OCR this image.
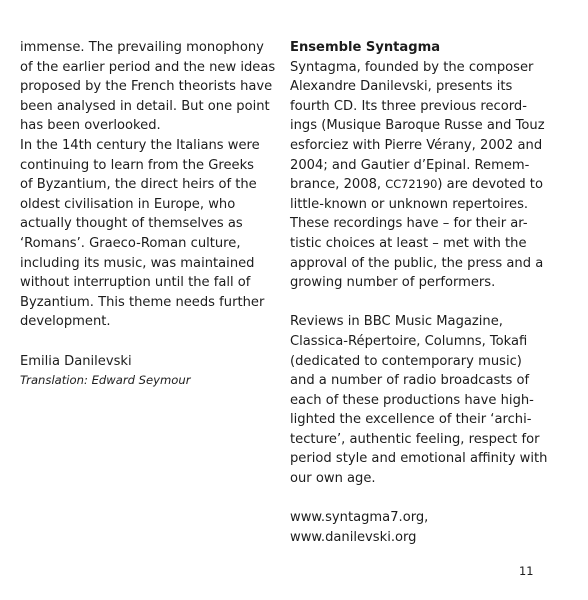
immense. The prevailing monophony
of the earlier period and the new ideas
proposed by the French theorists have
been analysed in detail. But one point
has been overlooked.
In the 14th century the Italians were
continuing to learn from the Greeks
of Byzantium, the direct heirs of the
oldest civilisation in Europe, who
actually thought of themselves as
‘Romans’. Graeco-Roman culture,
including its music, was maintained
without interruption until the fall of
Byzantium. This theme needs further
development.
Emilia Danilevski
Translation: Edward Seymour
Ensemble Syntagma
Syntagma, founded by the composer
Alexandre Danilevski, presents its
fourth CD. Its three previous record-
ings (Musique Baroque Russe and Touz
esforciez with Pierre Vérany, 2002 and
2004; and Gautier d’Epinal. Remem-
brance, 2008, CC72190) are devoted to
little-known or unknown repertoires.
These recordings have – for their ar-
tistic choices at least – met with the
approval of the public, the press and a
growing number of performers.
Reviews in BBC Music Magazine,
Classica-Répertoire, Columns, Tokafi
(dedicated to contemporary music)
and a number of radio broadcasts of
each of these productions have high-
lighted the excellence of their ‘archi-
tecture’, authentic feeling, respect for
period style and emotional affinity with
our own age.
www.syntagma7.org,
www.danilevski.org
11
